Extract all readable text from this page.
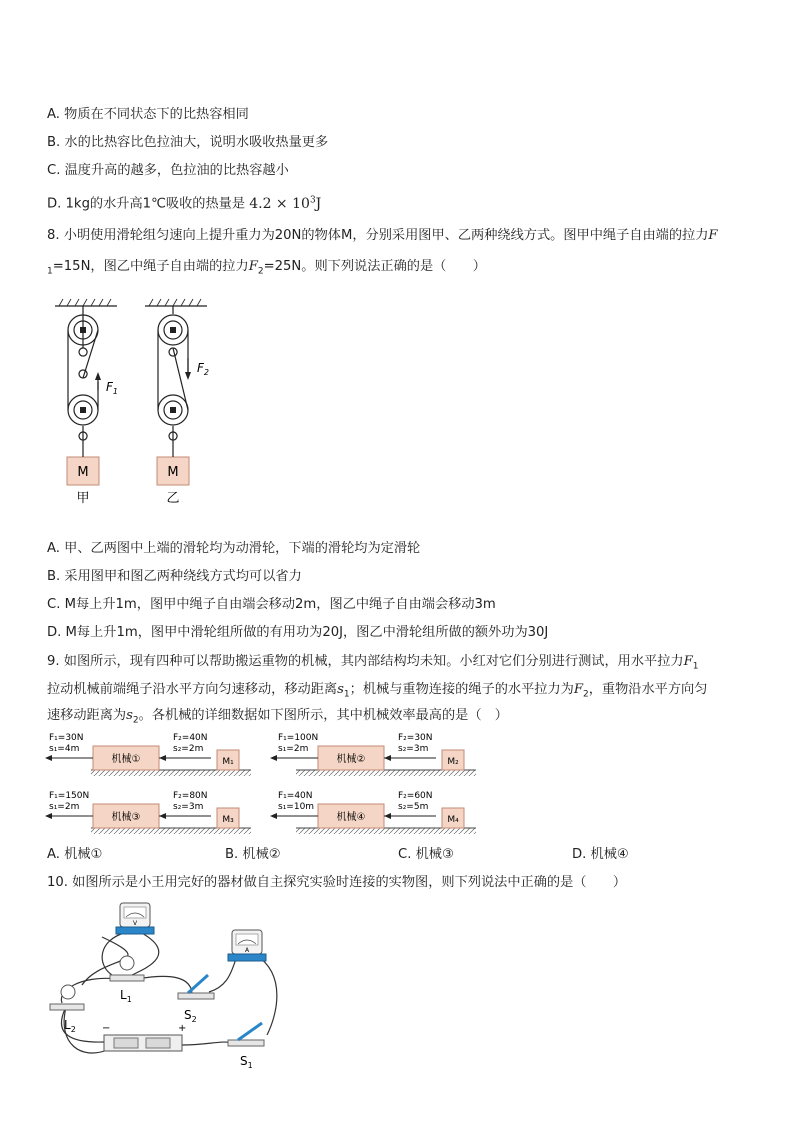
A. 物质在不同状态下的比热容相同
B. 水的比热容比色拉油大，说明水吸收热量更多
C. 温度升高的越多，色拉油的比热容越小
D. 1kg的水升高1℃吸收的热量是 $4.2 \times 10^3J$
8. 小明使用滑轮组匀速向上提升重力为20N的物体M，分别采用图甲、乙两种绕线方式。图甲中绳子自由端的拉力F
$_1$=15N，图乙中绳子自由端的拉力$F_2=25N$。则下列说法正确的是（　　）
$F_1$
$F_2$
M	M
甲	乙
A. 甲、乙两图中上端的滑轮均为动滑轮，下端的滑轮均为定滑轮
B. 采用图甲和图乙两种绕线方式均可以省力
C. M每上升1m，图甲中绳子自由端会移动2m，图乙中绳子自由端会移动3m
D. M每上升1m，图甲中滑轮组所做的有用功为20J，图乙中滑轮组所做的额外功为30J
9. 如图所示，现有四种可以帮助搬运重物的机械，其内部结构均未知。小红对它们分别进行测试，用水平拉力$F_1$
拉动机械前端绳子沿水平方向匀速移动，移动距离$s_1$；机械与重物连接的绳子的水平拉力为$F_2$，重物沿水平方向匀
速移动距离为$s_2$。各机械的详细数据如下图所示，其中机械效率最高的是（　）
机械①
F₁=30N
s₁=4m
F₂=40N
s₂=2m
M₁	机械②
F₁=100N
s₁=2m
F₂=30N
s₂=3m
M₂
机械③
F₁=150N
s₁=2m
F₂=80N
s₂=3m
M₃	机械④
F₁=40N
s₁=10m
F₂=60N
s₂=5m
M₄
A. 机械①	B. 机械②	C. 机械③	D. 机械④
10. 如图所示是小王用完好的器材做自主探究实验时连接的实物图，则下列说法中正确的是（　　）
V
A
$L_1$
$L_2$
$S_2$
$S_1$
−	+
